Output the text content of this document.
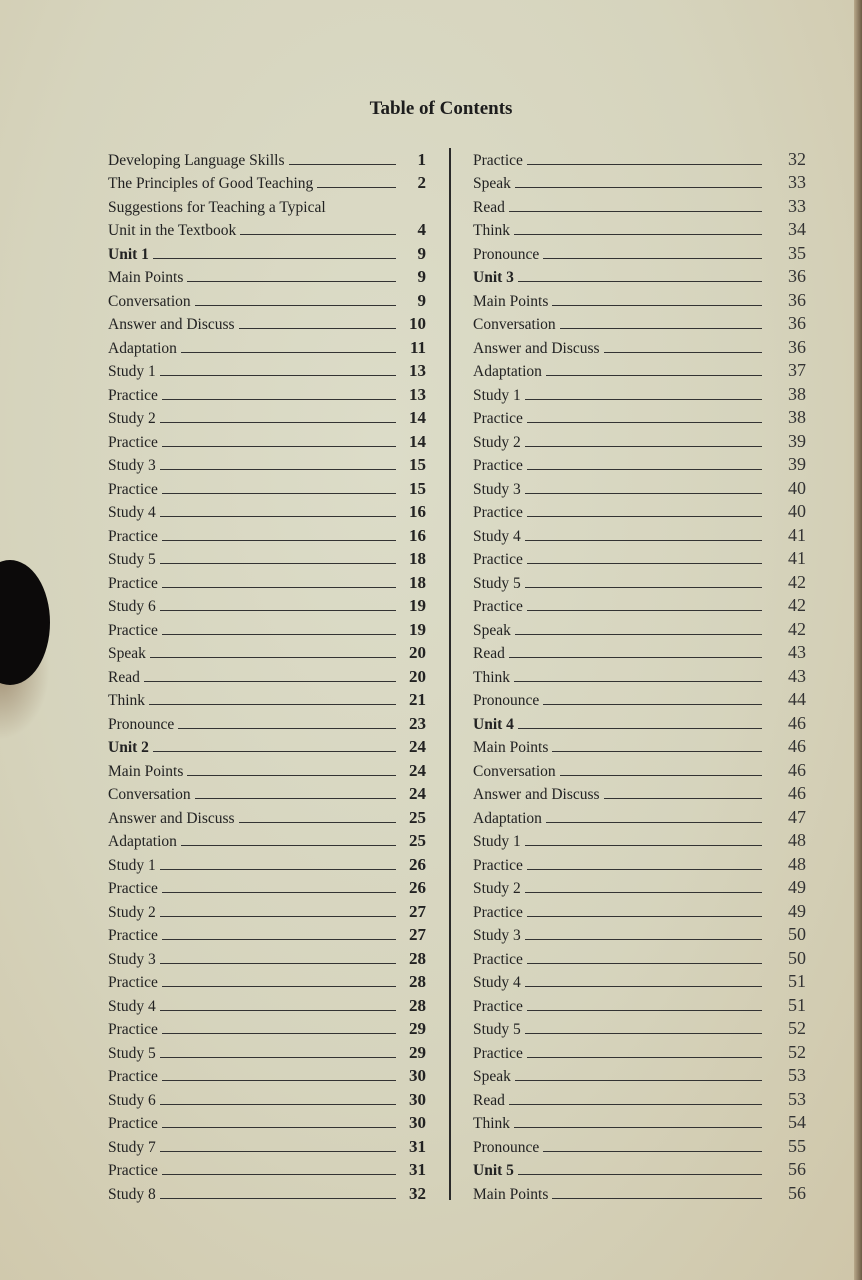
Table of Contents
Developing Language Skills	1
The Principles of Good Teaching	2
Suggestions for Teaching a Typical
Unit in the Textbook	4
Unit 1	9
Main Points	9
Conversation	9
Answer and Discuss	10
Adaptation	11
Study 1	13
Practice	13
Study 2	14
Practice	14
Study 3	15
Practice	15
Study 4	16
Practice	16
Study 5	18
Practice	18
Study 6	19
Practice	19
Speak	20
Read	20
Think	21
Pronounce	23
Unit 2	24
Main Points	24
Conversation	24
Answer and Discuss	25
Adaptation	25
Study 1	26
Practice	26
Study 2	27
Practice	27
Study 3	28
Practice	28
Study 4	28
Practice	29
Study 5	29
Practice	30
Study 6	30
Practice	30
Study 7	31
Practice	31
Study 8	32
Practice	32
Speak	33
Read	33
Think	34
Pronounce	35
Unit 3	36
Main Points	36
Conversation	36
Answer and Discuss	36
Adaptation	37
Study 1	38
Practice	38
Study 2	39
Practice	39
Study 3	40
Practice	40
Study 4	41
Practice	41
Study 5	42
Practice	42
Speak	42
Read	43
Think	43
Pronounce	44
Unit 4	46
Main Points	46
Conversation	46
Answer and Discuss	46
Adaptation	47
Study 1	48
Practice	48
Study 2	49
Practice	49
Study 3	50
Practice	50
Study 4	51
Practice	51
Study 5	52
Practice	52
Speak	53
Read	53
Think	54
Pronounce	55
Unit 5	56
Main Points	56
